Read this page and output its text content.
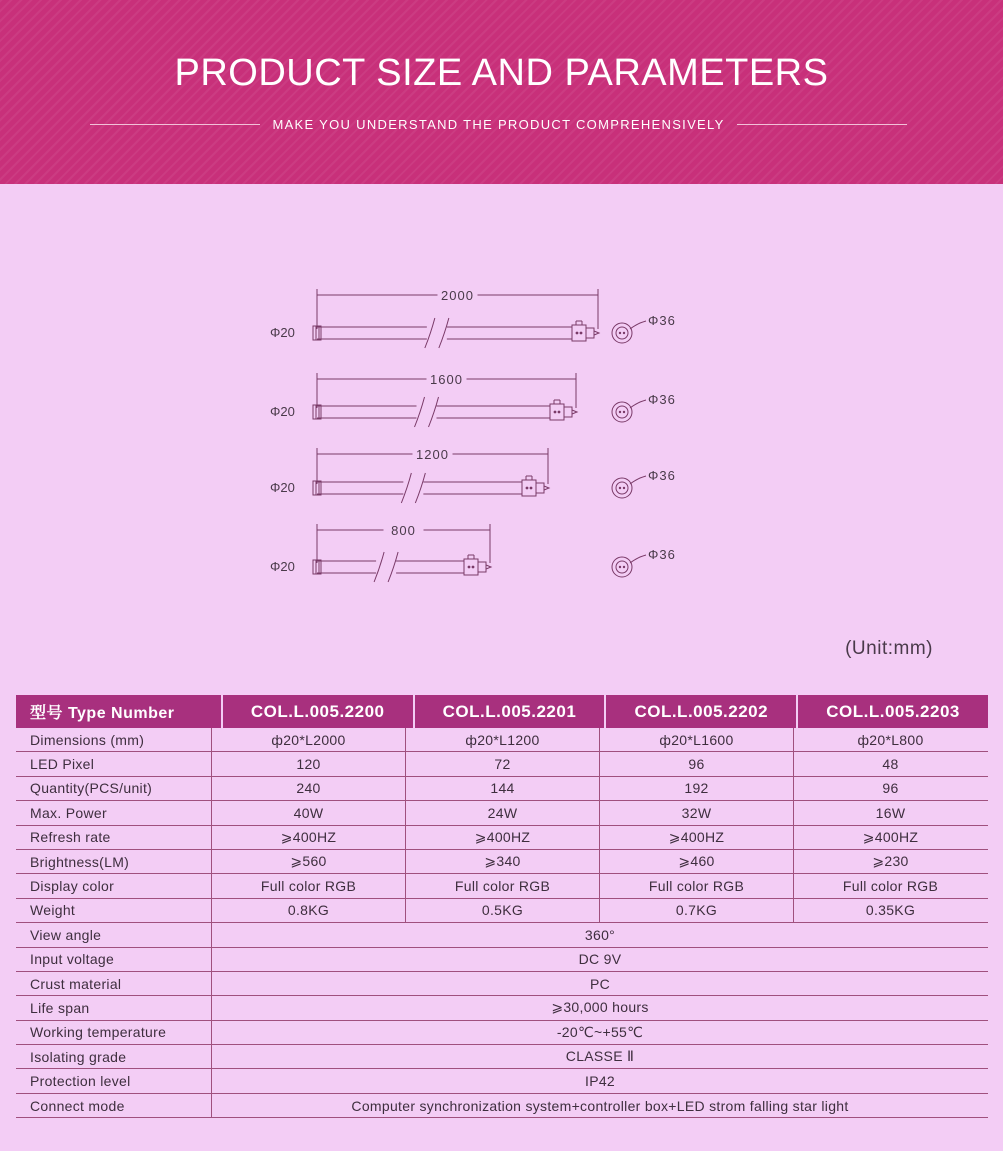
PRODUCT SIZE AND PARAMETERS
MAKE YOU UNDERSTAND THE PRODUCT COMPREHENSIVELY
2000
Φ20
Φ36
1600
Φ20
Φ36
1200
Φ20
Φ36
800
Φ20
Φ36
(Unit:mm)
型号 Type Number	COL.L.005.2200	COL.L.005.2201	COL.L.005.2202	COL.L.005.2203
Dimensions (mm)	ф20*L2000	ф20*L1200	ф20*L1600	ф20*L800
LED Pixel	120	72	96	48
Quantity(PCS/unit)	240	144	192	96
Max. Power	40W	24W	32W	16W
Refresh rate	⩾400HZ	⩾400HZ	⩾400HZ	⩾400HZ
Brightness(LM)	⩾560	⩾340	⩾460	⩾230
Display color	Full color RGB	Full color RGB	Full color RGB	Full color RGB
Weight	0.8KG	0.5KG	0.7KG	0.35KG
View angle	360°
Input voltage	DC 9V
Crust material	PC
Life span	⩾30,000 hours
Working temperature	-20℃~+55℃
Isolating grade	CLASSE Ⅱ
Protection level	IP42
Connect mode	Computer synchronization system+controller box+LED strom falling star light
